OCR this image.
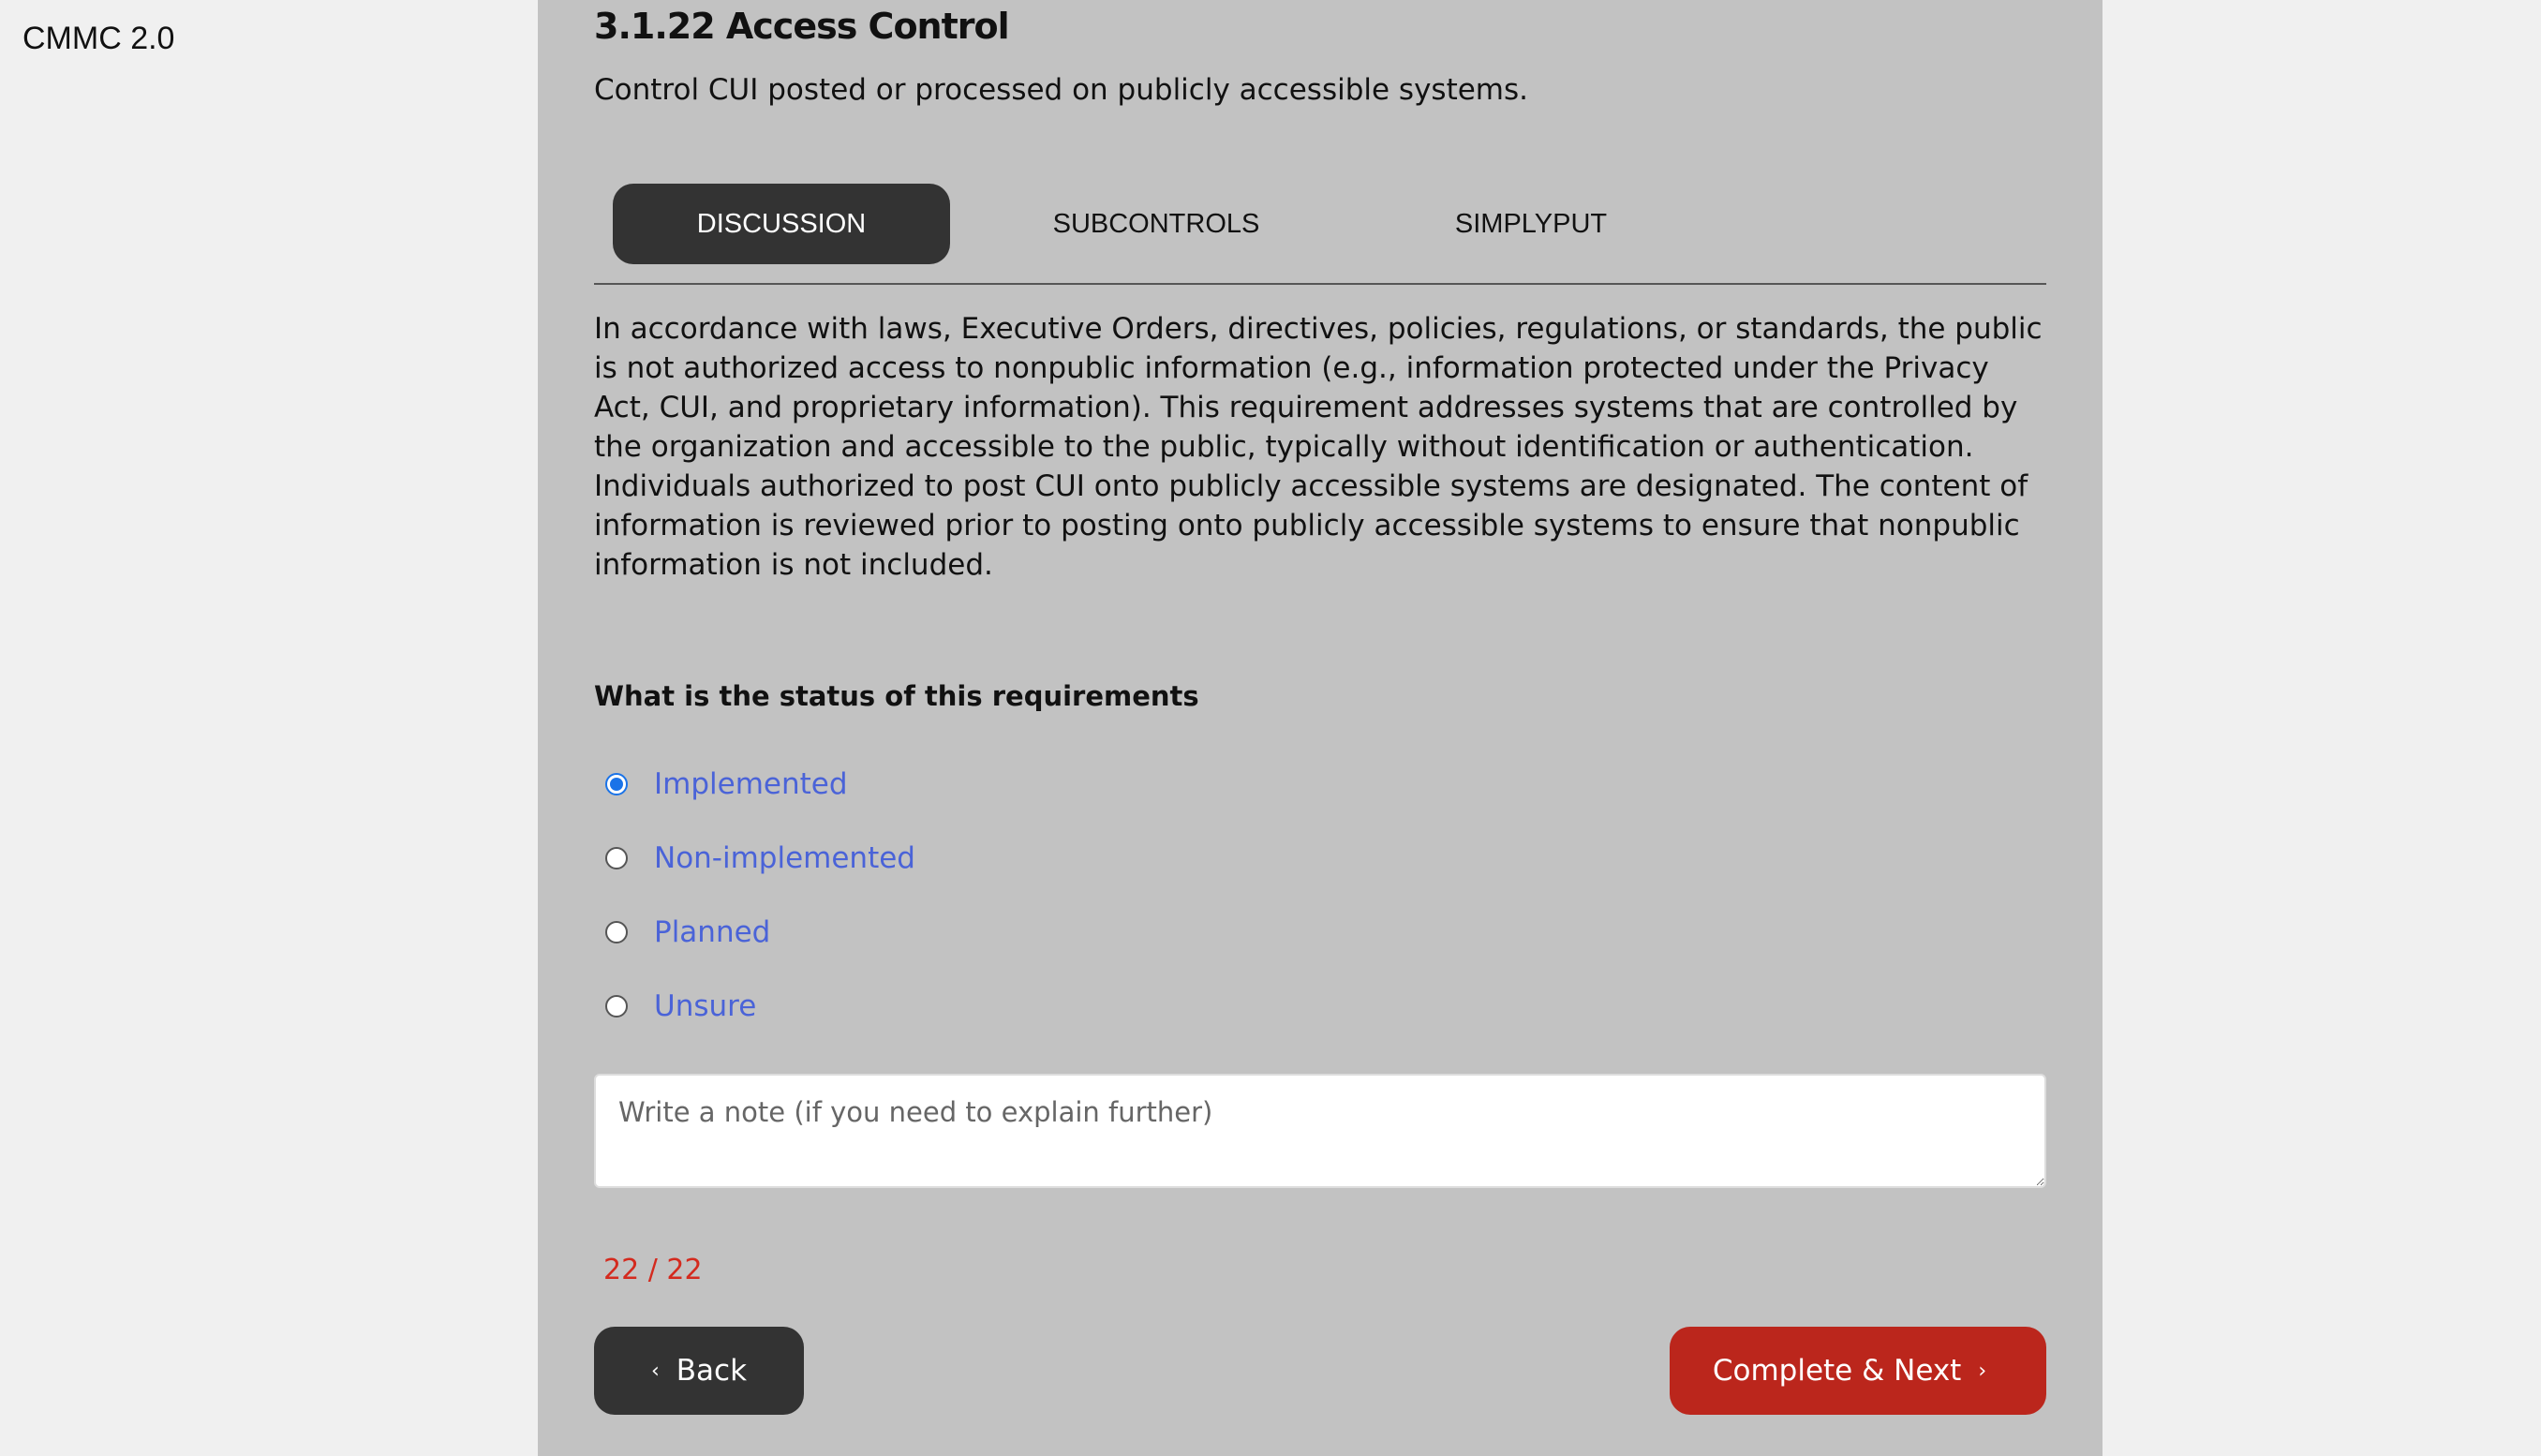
CMMC 2.0	3.1.22 Access Control

Control CUI posted or processed on publicly accessible systems.

DISCUSSION	SUBCONTROLS	SIMPLYPUT

In accordance with laws, Executive Orders, directives, policies, regulations, or standards, the public is not authorized access to nonpublic information (e.g., information protected under the Privacy Act, CUI, and proprietary information). This requirement addresses systems that are controlled by the organization and accessible to the public, typically without identification or authentication. Individuals authorized to post CUI onto publicly accessible systems are designated. The content of information is reviewed prior to posting onto publicly accessible systems to ensure that nonpublic information is not included.

What is the status of this requirements
Implemented
Non-implemented
Planned
Unsure
Write a note (if you need to explain further)
22 / 22
‹ Back	Complete & Next ›
